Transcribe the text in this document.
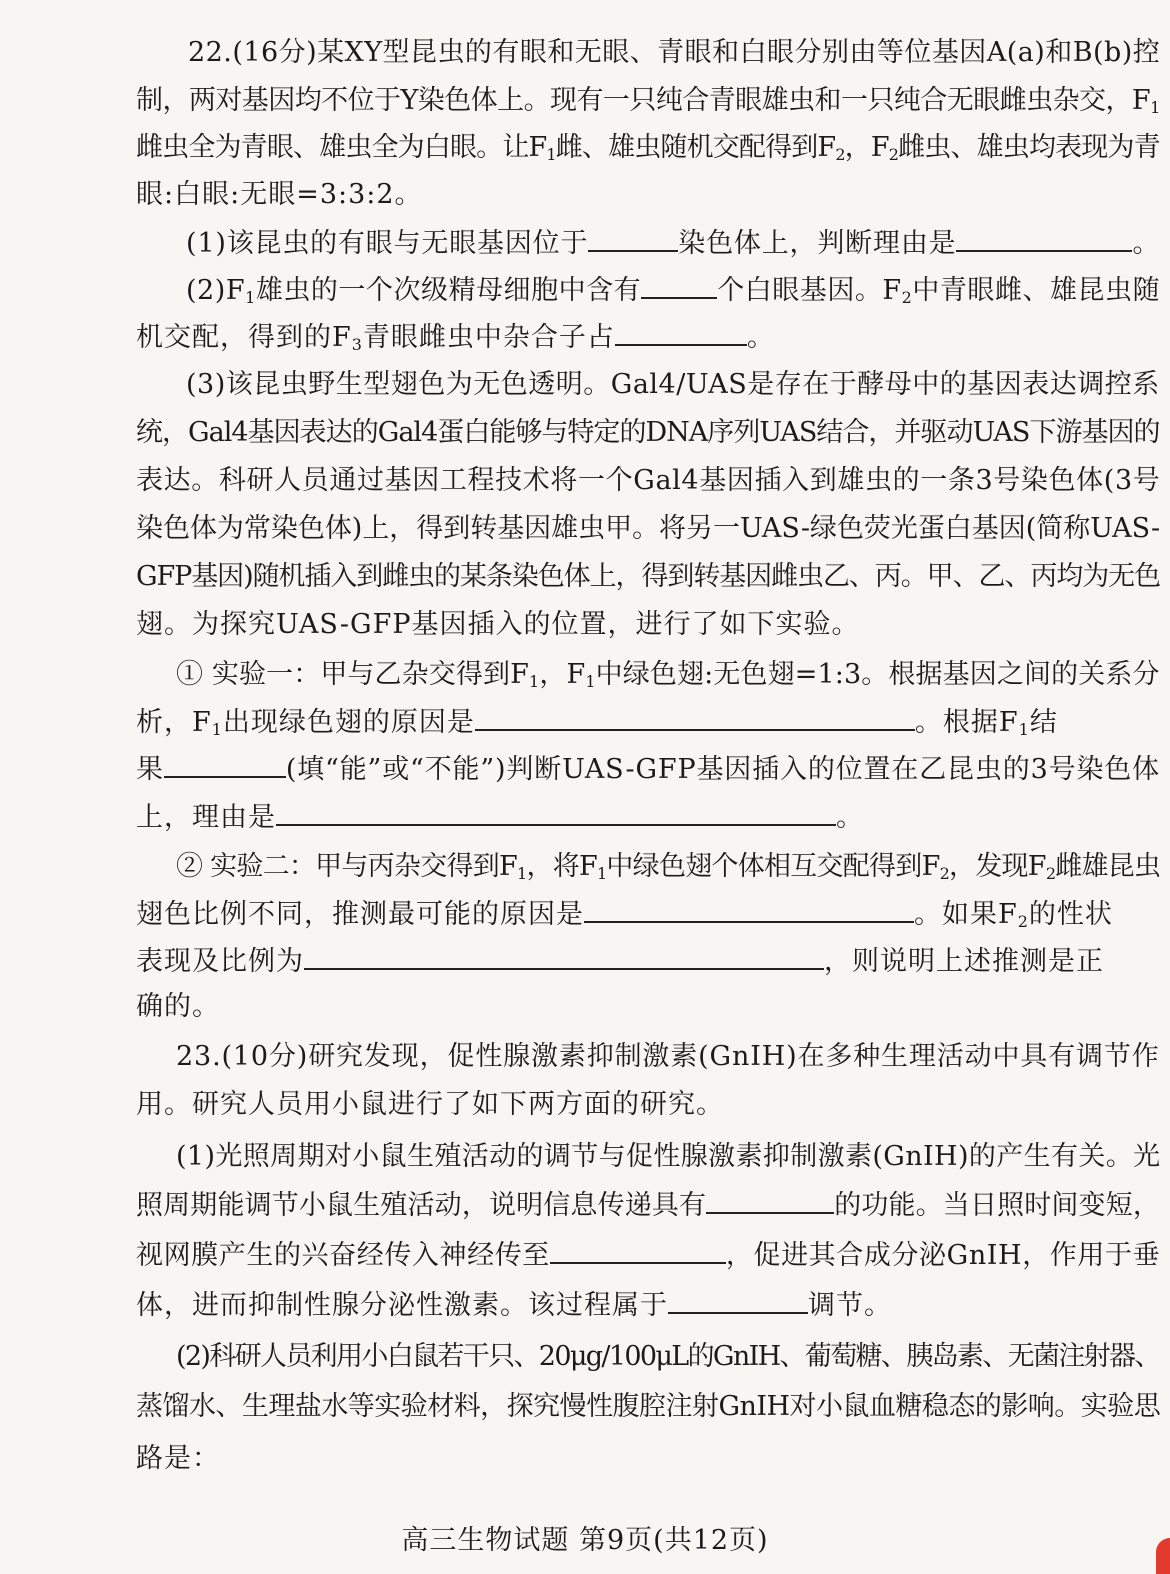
22.(16分)某XY型昆虫的有眼和无眼、青眼和白眼分别由等位基因A(a)和B(b)控
制，两对基因均不位于Y染色体上。现有一只纯合青眼雄虫和一只纯合无眼雌虫杂交，$F_1$
雌虫全为青眼、雄虫全为白眼。让$F_1$雌、雄虫随机交配得到$F_2$，$F_2$雌虫、雄虫均表现为青
眼:白眼:无眼=3:3:2。
(1)该昆虫的有眼与无眼基因位于	染色体上，判断理由是	。
$(2)F_1$雄虫的一个次级精母细胞中含有	个白眼基因。$F_2$中青眼雌、雄昆虫随
机交配，得到的$F_3$青眼雌虫中杂合子占	。
(3)该昆虫野生型翅色为无色透明。Gal4/UAS是存在于酵母中的基因表达调控系
统，Gal4基因表达的Gal4蛋白能够与特定的DNA序列UAS结合，并驱动UAS下游基因的
表达。科研人员通过基因工程技术将一个Gal4基因插入到雄虫的一条3号染色体(3号
染色体为常染色体)上，得到转基因雄虫甲。将另一UAS-绿色荧光蛋白基因(简称UAS-
GFP基因)随机插入到雌虫的某条染色体上，得到转基因雌虫乙、丙。甲、乙、丙均为无色
翅。为探究UAS-GFP基因插入的位置，进行了如下实验。
① 实验一：甲与乙杂交得到$F_1$，$F_1$中绿色翅:无色翅=1:3。根据基因之间的关系分
析，$F_1$出现绿色翅的原因是	。根据$F_1$结
果	(填“能”或“不能”)判断UAS-GFP基因插入的位置在乙昆虫的3号染色体
上，理由是	。
② 实验二：甲与丙杂交得到$F_1$，将$F_1$中绿色翅个体相互交配得到$F_2$，发现$F_2$雌雄昆虫
翅色比例不同，推测最可能的原因是	。如果$F_2$的性状
表现及比例为	，则说明上述推测是正
确的。
23.(10分)研究发现，促性腺激素抑制激素(GnIH)在多种生理活动中具有调节作
用。研究人员用小鼠进行了如下两方面的研究。
(1)光照周期对小鼠生殖活动的调节与促性腺激素抑制激素(GnIH)的产生有关。光
照周期能调节小鼠生殖活动，说明信息传递具有	的功能。当日照时间变短，
视网膜产生的兴奋经传入神经传至	，促进其合成分泌GnIH，作用于垂
体，进而抑制性腺分泌性激素。该过程属于	调节。
(2)科研人员利用小白鼠若干只、20μg/100μL的GnIH、葡萄糖、胰岛素、无菌注射器、
蒸馏水、生理盐水等实验材料，探究慢性腹腔注射GnIH对小鼠血糖稳态的影响。实验思
路是：
高三生物试题 第9页(共12页)
